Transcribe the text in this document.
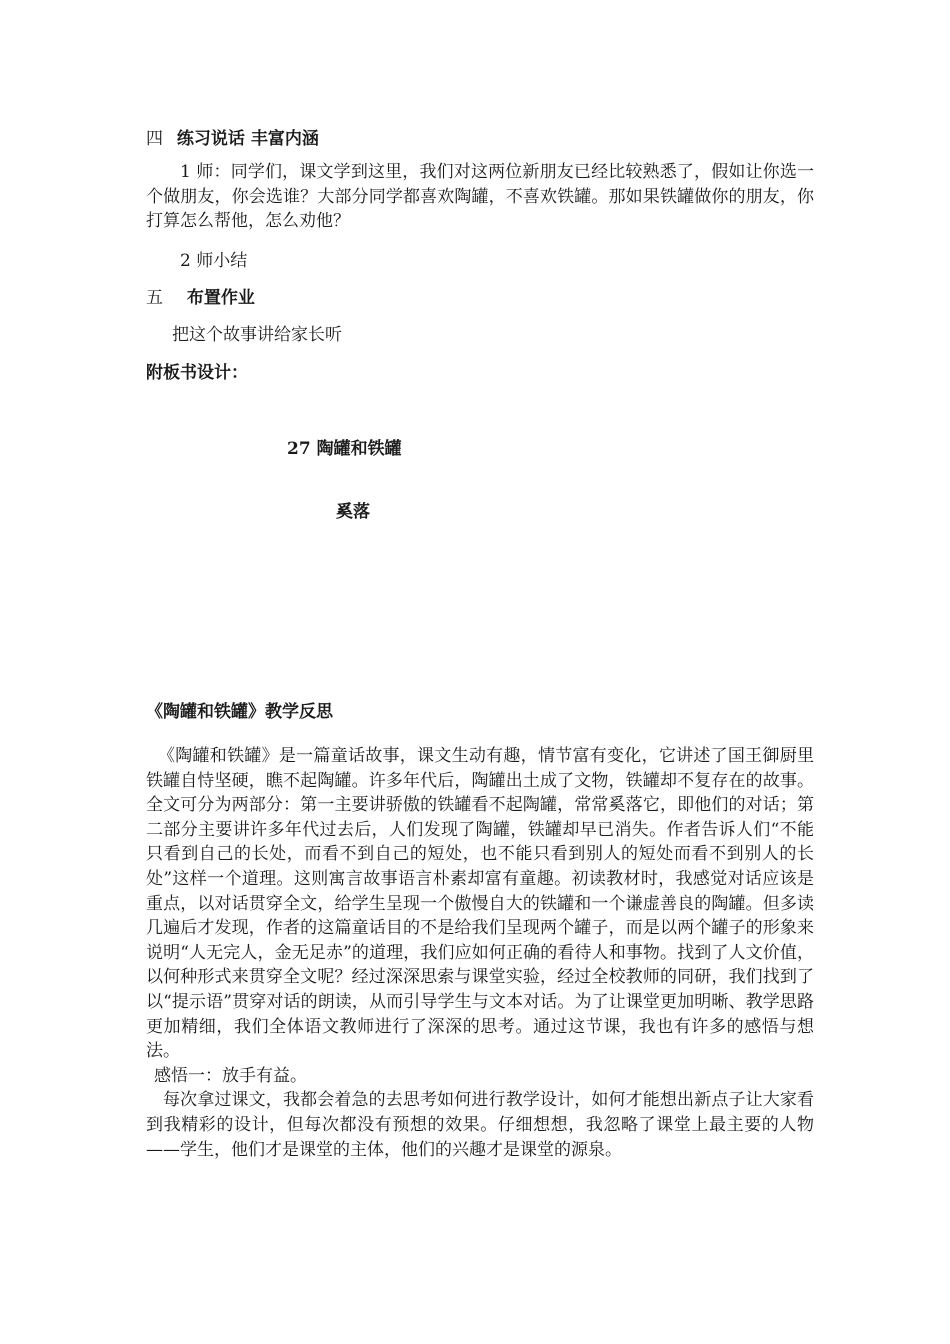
四 练习说话 丰富内涵

1 师：同学们，课文学到这里，我们对这两位新朋友已经比较熟悉了，假如让你选一个做朋友，你会选谁？大部分同学都喜欢陶罐，不喜欢铁罐。那如果铁罐做你的朋友，你打算怎么帮他，怎么劝他？

2 师小结
五 布置作业
把这个故事讲给家长听
附板书设计：
27 陶罐和铁罐
奚落
《陶罐和铁罐》教学反思

《陶罐和铁罐》是一篇童话故事，课文生动有趣，情节富有变化，它讲述了国王御厨里铁罐自恃坚硬，瞧不起陶罐。许多年代后，陶罐出土成了文物，铁罐却不复存在的故事。全文可分为两部分：第一主要讲骄傲的铁罐看不起陶罐，常常奚落它，即他们的对话；第二部分主要讲许多年代过去后，人们发现了陶罐，铁罐却早已消失。作者告诉人们“不能只看到自己的长处，而看不到自己的短处，也不能只看到别人的短处而看不到别人的长处”这样一个道理。这则寓言故事语言朴素却富有童趣。初读教材时，我感觉对话应该是重点，以对话贯穿全文，给学生呈现一个傲慢自大的铁罐和一个谦虚善良的陶罐。但多读几遍后才发现，作者的这篇童话目的不是给我们呈现两个罐子，而是以两个罐子的形象来说明“人无完人，金无足赤”的道理，我们应如何正确的看待人和事物。找到了人文价值，以何种形式来贯穿全文呢？经过深深思索与课堂实验，经过全校教师的同研，我们找到了以“提示语”贯穿对话的朗读，从而引导学生与文本对话。为了让课堂更加明晰、教学思路更加精细，我们全体语文教师进行了深深的思考。通过这节课，我也有许多的感悟与想法。

感悟一：放手有益。

每次拿过课文，我都会着急的去思考如何进行教学设计，如何才能想出新点子让大家看到我精彩的设计，但每次都没有预想的效果。仔细想想，我忽略了课堂上最主要的人物——学生，他们才是课堂的主体，他们的兴趣才是课堂的源泉。
